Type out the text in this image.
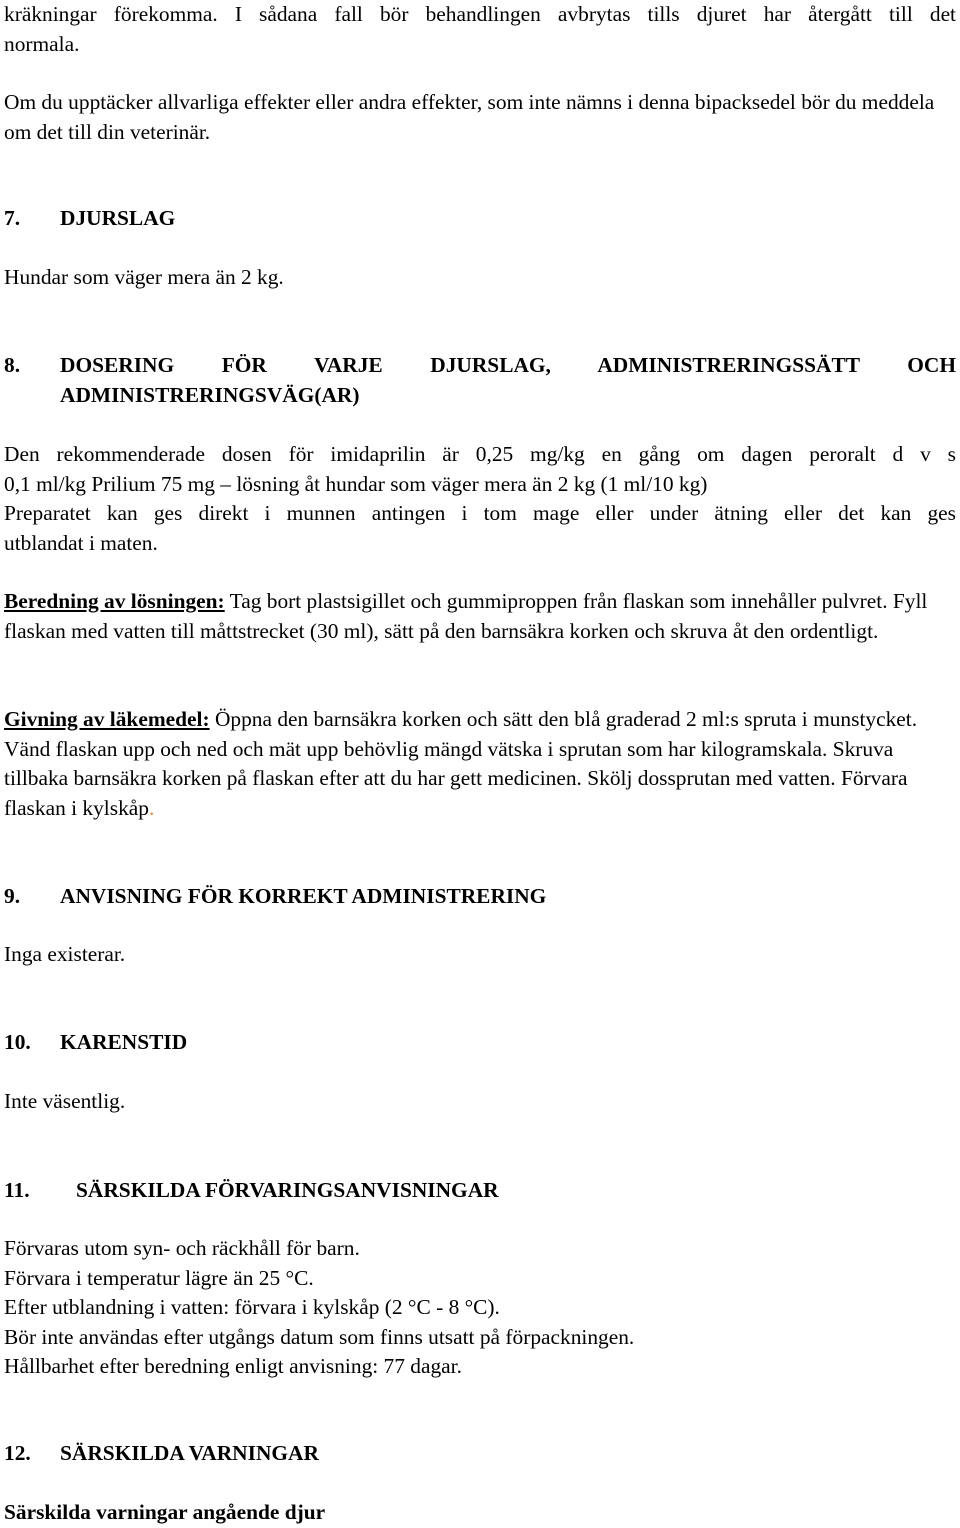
kräkningar förekomma. I sådana fall bör behandlingen avbrytas tills djuret har återgått till det
normala.

Om du upptäcker allvarliga effekter eller andra effekter, som inte nämns i denna bipacksedel bör du meddela om det till din veterinär.

7.	DJURSLAG

Hundar som väger mera än 2 kg.

8.	DOSERING FÖR VARJE DJURSLAG, ADMINISTRERINGSSÄTT OCH
ADMINISTRERINGSVÄG(AR)

Den rekommenderade dosen för imidaprilin är 0,25 mg/kg en gång om dagen peroralt d v s
0,1 ml/kg Prilium 75 mg – lösning åt hundar som väger mera än 2 kg (1 ml/10 kg)
Preparatet kan ges direkt i munnen antingen i tom mage eller under ätning eller det kan ges
utblandat i maten.

Beredning av lösningen: Tag bort plastsigillet och gummiproppen från flaskan som innehåller pulvret. Fyll flaskan med vatten till måttstrecket (30 ml), sätt på den barnsäkra korken och skruva åt den ordentligt.

Givning av läkemedel: Öppna den barnsäkra korken och sätt den blå graderad 2 ml:s spruta i munstycket. Vänd flaskan upp och ned och mät upp behövlig mängd vätska i sprutan som har kilogramskala. Skruva tillbaka barnsäkra korken på flaskan efter att du har gett medicinen. Skölj dossprutan med vatten. Förvara flaskan i kylskåp.

9.	ANVISNING FÖR KORREKT ADMINISTRERING

Inga existerar.

10.	KARENSTID

Inte väsentlig.

11.	SÄRSKILDA FÖRVARINGSANVISNINGAR

Förvaras utom syn- och räckhåll för barn.
Förvara i temperatur lägre än 25 °C.
Efter utblandning i vatten: förvara i kylskåp (2 °C - 8 °C).
Bör inte användas efter utgångs datum som finns utsatt på förpackningen.
Hållbarhet efter beredning enligt anvisning: 77 dagar.

12.	SÄRSKILDA VARNINGAR

Särskilda varningar angående djur
